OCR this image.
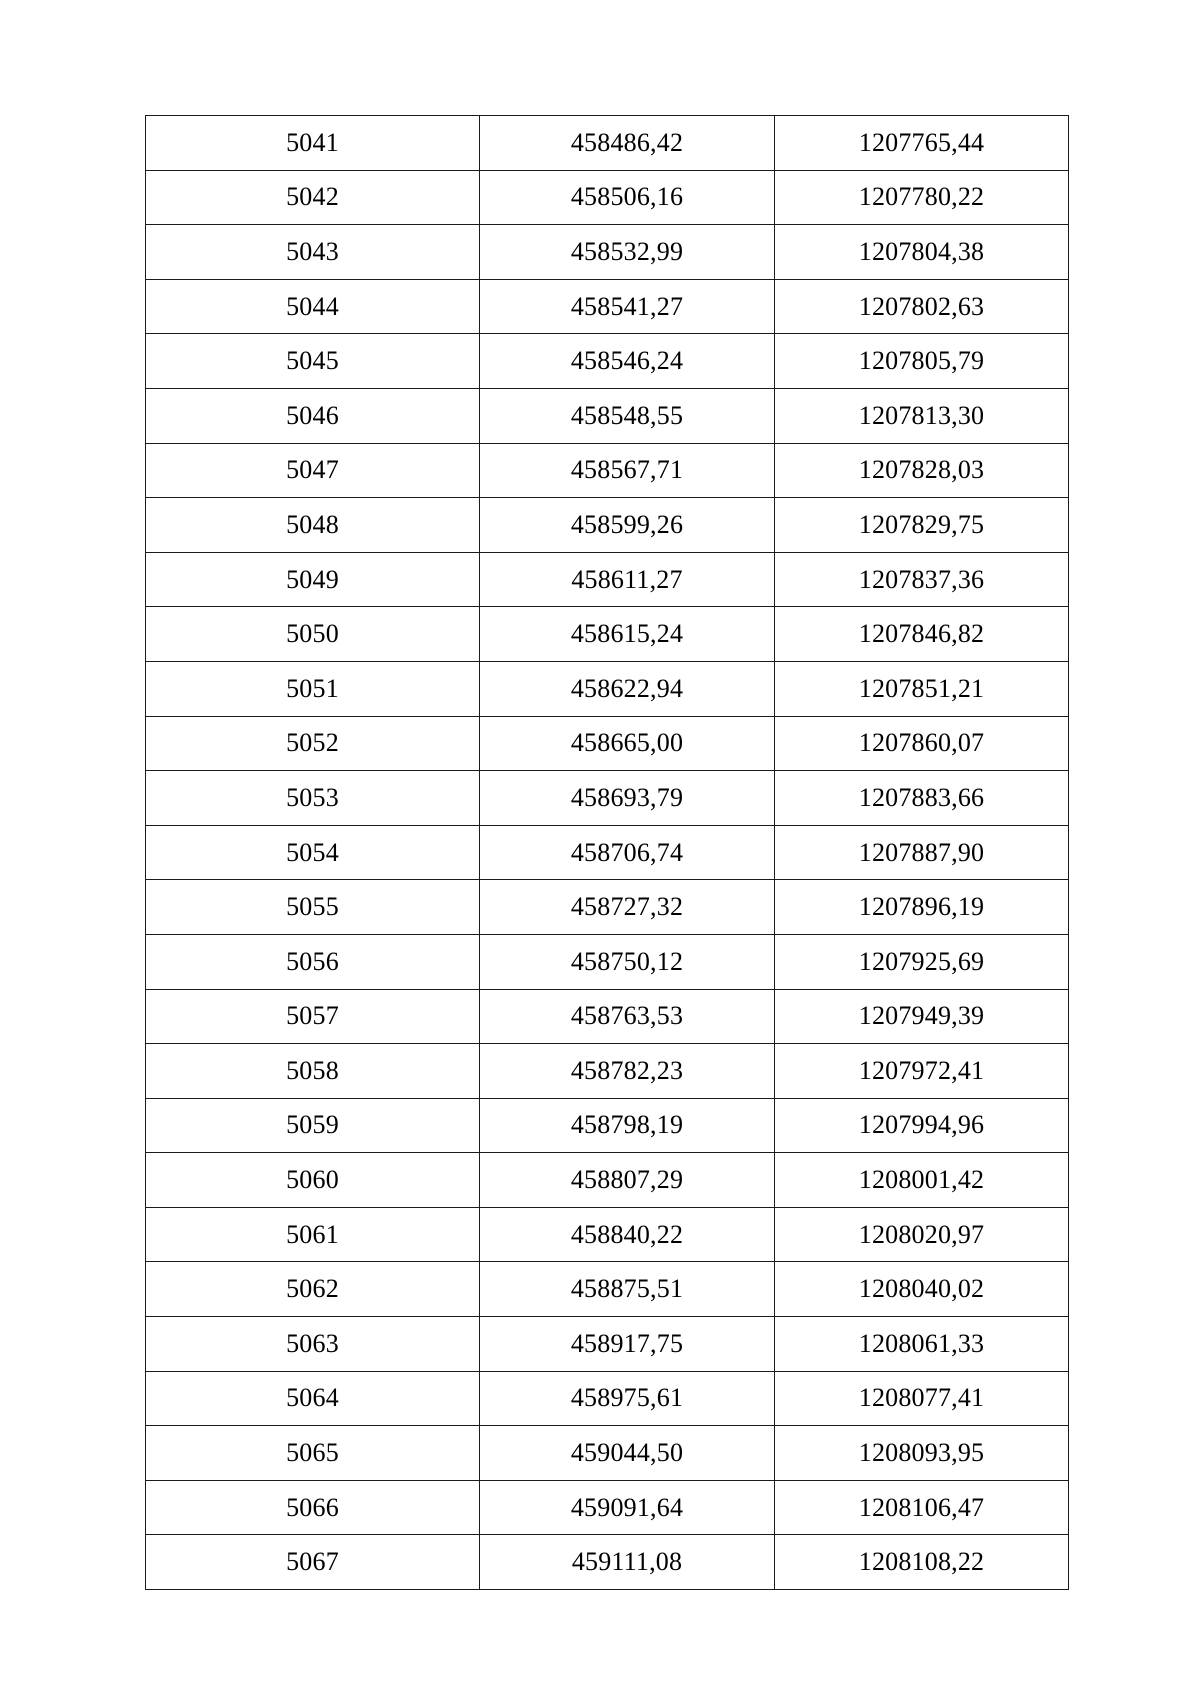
5041	458486,42	1207765,44
5042	458506,16	1207780,22
5043	458532,99	1207804,38
5044	458541,27	1207802,63
5045	458546,24	1207805,79
5046	458548,55	1207813,30
5047	458567,71	1207828,03
5048	458599,26	1207829,75
5049	458611,27	1207837,36
5050	458615,24	1207846,82
5051	458622,94	1207851,21
5052	458665,00	1207860,07
5053	458693,79	1207883,66
5054	458706,74	1207887,90
5055	458727,32	1207896,19
5056	458750,12	1207925,69
5057	458763,53	1207949,39
5058	458782,23	1207972,41
5059	458798,19	1207994,96
5060	458807,29	1208001,42
5061	458840,22	1208020,97
5062	458875,51	1208040,02
5063	458917,75	1208061,33
5064	458975,61	1208077,41
5065	459044,50	1208093,95
5066	459091,64	1208106,47
5067	459111,08	1208108,22
